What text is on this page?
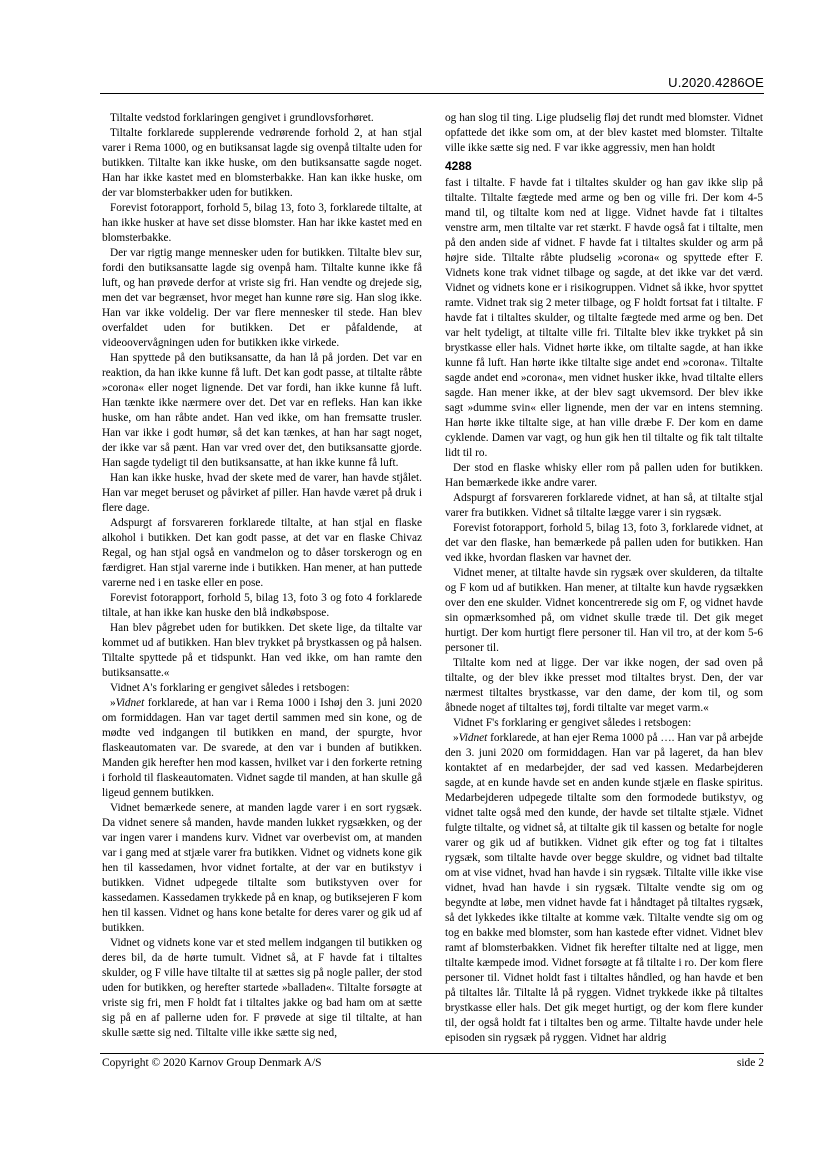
U.2020.4286OE

Tiltalte vedstod forklaringen gengivet i grundlovsforhøret.

Tiltalte forklarede supplerende vedrørende forhold 2, at han stjal varer i Rema 1000, og en butiksansat lagde sig ovenpå tiltalte uden for butikken. Tiltalte kan ikke huske, om den butiksansatte sagde noget. Han har ikke kastet med en blomsterbakke. Han kan ikke huske, om der var blomsterbakker uden for butikken.

Forevist fotorapport, forhold 5, bilag 13, foto 3, forklarede tiltalte, at han ikke husker at have set disse blomster. Han har ikke kastet med en blomsterbakke.

Der var rigtig mange mennesker uden for butikken. Tiltalte blev sur, fordi den butiksansatte lagde sig ovenpå ham. Tiltalte kunne ikke få luft, og han prøvede derfor at vriste sig fri. Han vendte og drejede sig, men det var begrænset, hvor meget han kunne røre sig. Han slog ikke. Han var ikke voldelig. Der var flere mennesker til stede. Han blev overfaldet uden for butikken. Det er påfaldende, at videoovervågningen uden for butikken ikke virkede.

Han spyttede på den butiksansatte, da han lå på jorden. Det var en reaktion, da han ikke kunne få luft. Det kan godt passe, at tiltalte råbte »corona« eller noget lignende. Det var fordi, han ikke kunne få luft. Han tænkte ikke nærmere over det. Det var en refleks. Han kan ikke huske, om han råbte andet. Han ved ikke, om han fremsatte trusler. Han var ikke i godt humør, så det kan tænkes, at han har sagt noget, der ikke var så pænt. Han var vred over det, den butiksansatte gjorde. Han sagde tydeligt til den butiksansatte, at han ikke kunne få luft.

Han kan ikke huske, hvad der skete med de varer, han havde stjålet. Han var meget beruset og påvirket af piller. Han havde været på druk i flere dage.

Adspurgt af forsvareren forklarede tiltalte, at han stjal en flaske alkohol i butikken. Det kan godt passe, at det var en flaske Chivaz Regal, og han stjal også en vandmelon og to dåser torskerogn og en færdigret. Han stjal varerne inde i butikken. Han mener, at han puttede varerne ned i en taske eller en pose.

Forevist fotorapport, forhold 5, bilag 13, foto 3 og foto 4 forklarede tiltale, at han ikke kan huske den blå indkøbspose.

Han blev pågrebet uden for butikken. Det skete lige, da tiltalte var kommet ud af butikken. Han blev trykket på brystkassen og på halsen. Tiltalte spyttede på et tidspunkt. Han ved ikke, om han ramte den butiksansatte.«

Vidnet A's forklaring er gengivet således i retsbogen:

»Vidnet forklarede, at han var i Rema 1000 i Ishøj den 3. juni 2020 om formiddagen. Han var taget dertil sammen med sin kone, og de mødte ved indgangen til butikken en mand, der spurgte, hvor flaskeautomaten var. De svarede, at den var i bunden af butikken. Manden gik herefter hen mod kassen, hvilket var i den forkerte retning i forhold til flaskeautomaten. Vidnet sagde til manden, at han skulle gå ligeud gennem butikken.

Vidnet bemærkede senere, at manden lagde varer i en sort rygsæk. Da vidnet senere så manden, havde manden lukket rygsækken, og der var ingen varer i mandens kurv. Vidnet var overbevist om, at manden var i gang med at stjæle varer fra butikken. Vidnet og vidnets kone gik hen til kassedamen, hvor vidnet fortalte, at der var en butikstyv i butikken. Vidnet udpegede tiltalte som butikstyven over for kassedamen. Kassedamen trykkede på en knap, og butiksejeren F kom hen til kassen. Vidnet og hans kone betalte for deres varer og gik ud af butikken.

Vidnet og vidnets kone var et sted mellem indgangen til butikken og deres bil, da de hørte tumult. Vidnet så, at F havde fat i tiltaltes skulder, og F ville have tiltalte til at sættes sig på nogle paller, der stod uden for butikken, og herefter startede »balladen«. Tiltalte forsøgte at vriste sig fri, men F holdt fat i tiltaltes jakke og bad ham om at sætte sig på en af pallerne uden for. F prøvede at sige til tiltalte, at han skulle sætte sig ned. Tiltalte ville ikke sætte sig ned,

og han slog til ting. Lige pludselig fløj det rundt med blomster. Vidnet opfattede det ikke som om, at der blev kastet med blomster. Tiltalte ville ikke sætte sig ned. F var ikke aggressiv, men han holdt

4288

fast i tiltalte. F havde fat i tiltaltes skulder og han gav ikke slip på tiltalte. Tiltalte fægtede med arme og ben og ville fri. Der kom 4-5 mand til, og tiltalte kom ned at ligge. Vidnet havde fat i tiltaltes venstre arm, men tiltalte var ret stærkt. F havde også fat i tiltalte, men på den anden side af vidnet. F havde fat i tiltaltes skulder og arm på højre side. Tiltalte råbte pludselig »corona« og spyttede efter F. Vidnets kone trak vidnet tilbage og sagde, at det ikke var det værd. Vidnet og vidnets kone er i risikogruppen. Vidnet så ikke, hvor spyttet ramte. Vidnet trak sig 2 meter tilbage, og F holdt fortsat fat i tiltalte. F havde fat i tiltaltes skulder, og tiltalte fægtede med arme og ben. Det var helt tydeligt, at tiltalte ville fri. Tiltalte blev ikke trykket på sin brystkasse eller hals. Vidnet hørte ikke, om tiltalte sagde, at han ikke kunne få luft. Han hørte ikke tiltalte sige andet end »corona«. Tiltalte sagde andet end »corona«, men vidnet husker ikke, hvad tiltalte ellers sagde. Han mener ikke, at der blev sagt ukvemsord. Der blev ikke sagt »dumme svin« eller lignende, men der var en intens stemning. Han hørte ikke tiltalte sige, at han ville dræbe F. Der kom en dame cyklende. Damen var vagt, og hun gik hen til tiltalte og fik talt tiltalte lidt til ro.

Der stod en flaske whisky eller rom på pallen uden for butikken. Han bemærkede ikke andre varer.

Adspurgt af forsvareren forklarede vidnet, at han så, at tiltalte stjal varer fra butikken. Vidnet så tiltalte lægge varer i sin rygsæk.

Forevist fotorapport, forhold 5, bilag 13, foto 3, forklarede vidnet, at det var den flaske, han bemærkede på pallen uden for butikken. Han ved ikke, hvordan flasken var havnet der.

Vidnet mener, at tiltalte havde sin rygsæk over skulderen, da tiltalte og F kom ud af butikken. Han mener, at tiltalte kun havde rygsækken over den ene skulder. Vidnet koncentrerede sig om F, og vidnet havde sin opmærksomhed på, om vidnet skulle træde til. Det gik meget hurtigt. Der kom hurtigt flere personer til. Han vil tro, at der kom 5-6 personer til.

Tiltalte kom ned at ligge. Der var ikke nogen, der sad oven på tiltalte, og der blev ikke presset mod tiltaltes bryst. Den, der var nærmest tiltaltes brystkasse, var den dame, der kom til, og som åbnede noget af tiltaltes tøj, fordi tiltalte var meget varm.«

Vidnet F's forklaring er gengivet således i retsbogen:

»Vidnet forklarede, at han ejer Rema 1000 på …. Han var på arbejde den 3. juni 2020 om formiddagen. Han var på lageret, da han blev kontaktet af en medarbejder, der sad ved kassen. Medarbejderen sagde, at en kunde havde set en anden kunde stjæle en flaske spiritus. Medarbejderen udpegede tiltalte som den formodede butikstyv, og vidnet talte også med den kunde, der havde set tiltalte stjæle. Vidnet fulgte tiltalte, og vidnet så, at tiltalte gik til kassen og betalte for nogle varer og gik ud af butikken. Vidnet gik efter og tog fat i tiltaltes rygsæk, som tiltalte havde over begge skuldre, og vidnet bad tiltalte om at vise vidnet, hvad han havde i sin rygsæk. Tiltalte ville ikke vise vidnet, hvad han havde i sin rygsæk. Tiltalte vendte sig om og begyndte at løbe, men vidnet havde fat i håndtaget på tiltaltes rygsæk, så det lykkedes ikke tiltalte at komme væk. Tiltalte vendte sig om og tog en bakke med blomster, som han kastede efter vidnet. Vidnet blev ramt af blomsterbakken. Vidnet fik herefter tiltalte ned at ligge, men tiltalte kæmpede imod. Vidnet forsøgte at få tiltalte i ro. Der kom flere personer til. Vidnet holdt fast i tiltaltes håndled, og han havde et ben på tiltaltes lår. Tiltalte lå på ryggen. Vidnet trykkede ikke på tiltaltes brystkasse eller hals. Det gik meget hurtigt, og der kom flere kunder til, der også holdt fat i tiltaltes ben og arme. Tiltalte havde under hele episoden sin rygsæk på ryggen. Vidnet har aldrig

Copyright © 2020 Karnov Group Denmark A/S	side 2
